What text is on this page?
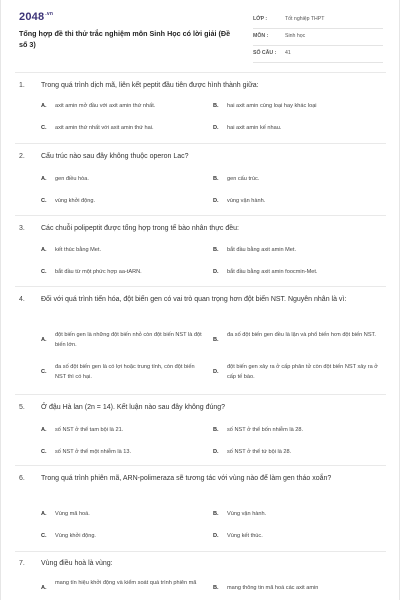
$2048^{.vn}$
Tổng hợp đề thi thử trắc nghiệm môn Sinh Học có lời giải (Đề số 3)
LỚP :	Tốt nghiệp THPT
MÔN :	Sinh học
SỐ CÂU : 41
1. Trong quá trình dịch mã, liên kết peptit đầu tiên được hình thành giữa:
A. axit amin mở đầu với axit amin thứ nhất.	B. hai axit amin cùng loại hay khác loại
C. axit amin thứ nhất với axit amin thứ hai.	D. hai axit amin kế nhau.
2. Cấu trúc nào sau đây không thuộc operon Lac?
A. gen điều hòa.	B. gen cấu trúc.
C. vùng khởi động.	D. vùng vận hành.
3. Các chuỗi polipeptit được tổng hợp trong tế bào nhân thực đều:
A. kết thúc bằng Met.	B. bắt đầu bằng axit amin Met.
C. bắt đầu từ một phức hợp aa-tARN.	D. bắt đầu bằng axit amin foocmin-Met.
4. Đối với quá trình tiến hóa, đột biến gen có vai trò quan trọng hơn đột biến NST. Nguyên nhân là vì:
A.
đột biến gen là những đột biến nhỏ còn đột biến NST là đột biến lớn.
B.
đa số đột biến gen đều là lặn và phổ biến hơn đột biến NST.
C.
đa số đột biến gen là có lợi hoặc trung tính, còn đột biến NST thì có hại.
D.
đột biến gen xảy ra ở cấp phân tử còn đột biến NST xảy ra ở cấp tế bào.
5. Ở đậu Hà lan (2n = 14). Kết luận nào sau đây không đúng?
A. số NST ở thể tam bội là 21.	B. số NST ở thể bốn nhiễm là 28.
C. số NST ở thể một nhiễm là 13.	D. số NST ở thể tứ bội là 28.
6. Trong quá trình phiên mã, ARN-polimeraza sẽ tương tác với vùng nào để làm gen tháo xoắn?
A. Vùng mã hoá.	B. Vùng vận hành.
C. Vùng khởi động.	D. Vùng kết thúc.
7. Vùng điều hoà là vùng:
A.
mang tín hiệu khởi động và kiểm soát quá trình phiên mã
B. mang thông tin mã hoá các axit amin
